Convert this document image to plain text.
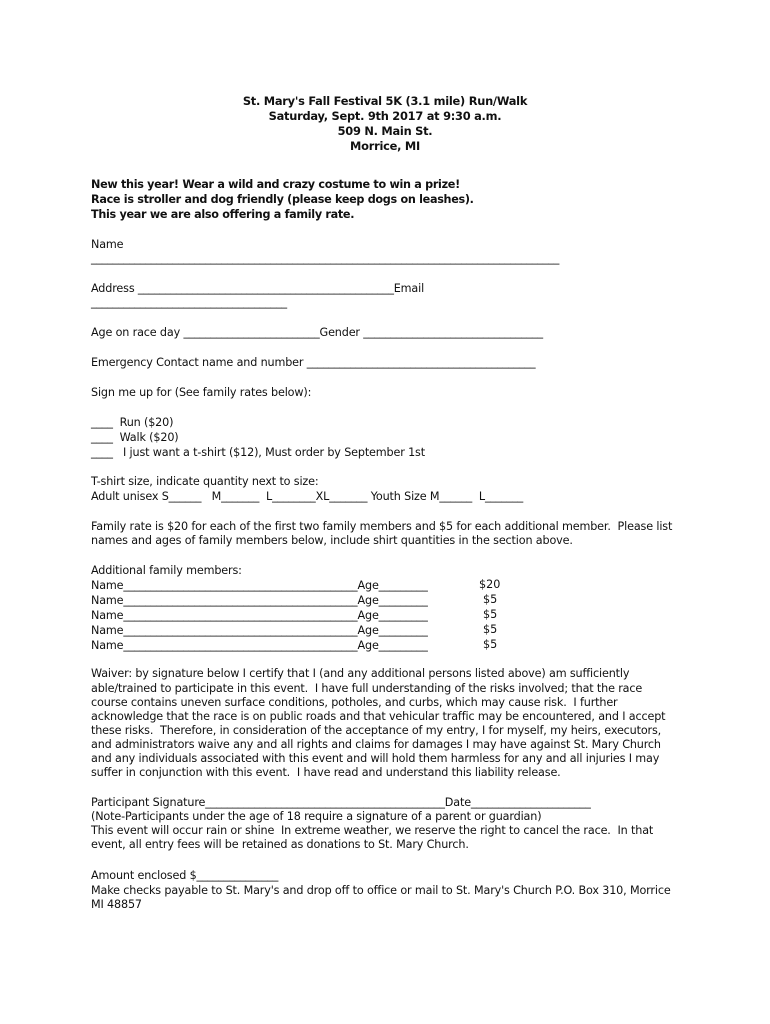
St. Mary's Fall Festival 5K (3.1 mile) Run/Walk
Saturday, Sept. 9th 2017 at 9:30 a.m.
509 N. Main St.
Morrice, MI
New this year! Wear a wild and crazy costume to win a prize!
Race is stroller and dog friendly (please keep dogs on leashes).
This year we are also offering a family rate.
Name
______________________________________________________________________________________
Address _______________________________________________Email
____________________________________
Age on race day _________________________Gender _________________________________
Emergency Contact name and number __________________________________________
Sign me up for (See family rates below):
____  Run ($20)
____  Walk ($20)
____   I just want a t-shirt ($12), Must order by September 1st
T-shirt size, indicate quantity next to size:
Adult unisex S______   M_______  L________XL_______ Youth Size M______  L_______
Family rate is $20 for each of the first two family members and $5 for each additional member.  Please list
names and ages of family members below, include shirt quantities in the section above.
Additional family members:
Name___________________________________________Age_________	$20
Name___________________________________________Age_________	$5
Name___________________________________________Age_________	$5
Name___________________________________________Age_________	$5
Name___________________________________________Age_________	$5
Waiver: by signature below I certify that I (and any additional persons listed above) am sufficiently
able/trained to participate in this event.  I have full understanding of the risks involved; that the race
course contains uneven surface conditions, potholes, and curbs, which may cause risk.  I further
acknowledge that the race is on public roads and that vehicular traffic may be encountered, and I accept
these risks.  Therefore, in consideration of the acceptance of my entry, I for myself, my heirs, executors,
and administrators waive any and all rights and claims for damages I may have against St. Mary Church
and any individuals associated with this event and will hold them harmless for any and all injuries I may
suffer in conjunction with this event.  I have read and understand this liability release.
Participant Signature____________________________________________Date______________________
(Note-Participants under the age of 18 require a signature of a parent or guardian)
This event will occur rain or shine  In extreme weather, we reserve the right to cancel the race.  In that
event, all entry fees will be retained as donations to St. Mary Church.
Amount enclosed $_______________
Make checks payable to St. Mary's and drop off to office or mail to St. Mary's Church P.O. Box 310, Morrice
MI 48857
